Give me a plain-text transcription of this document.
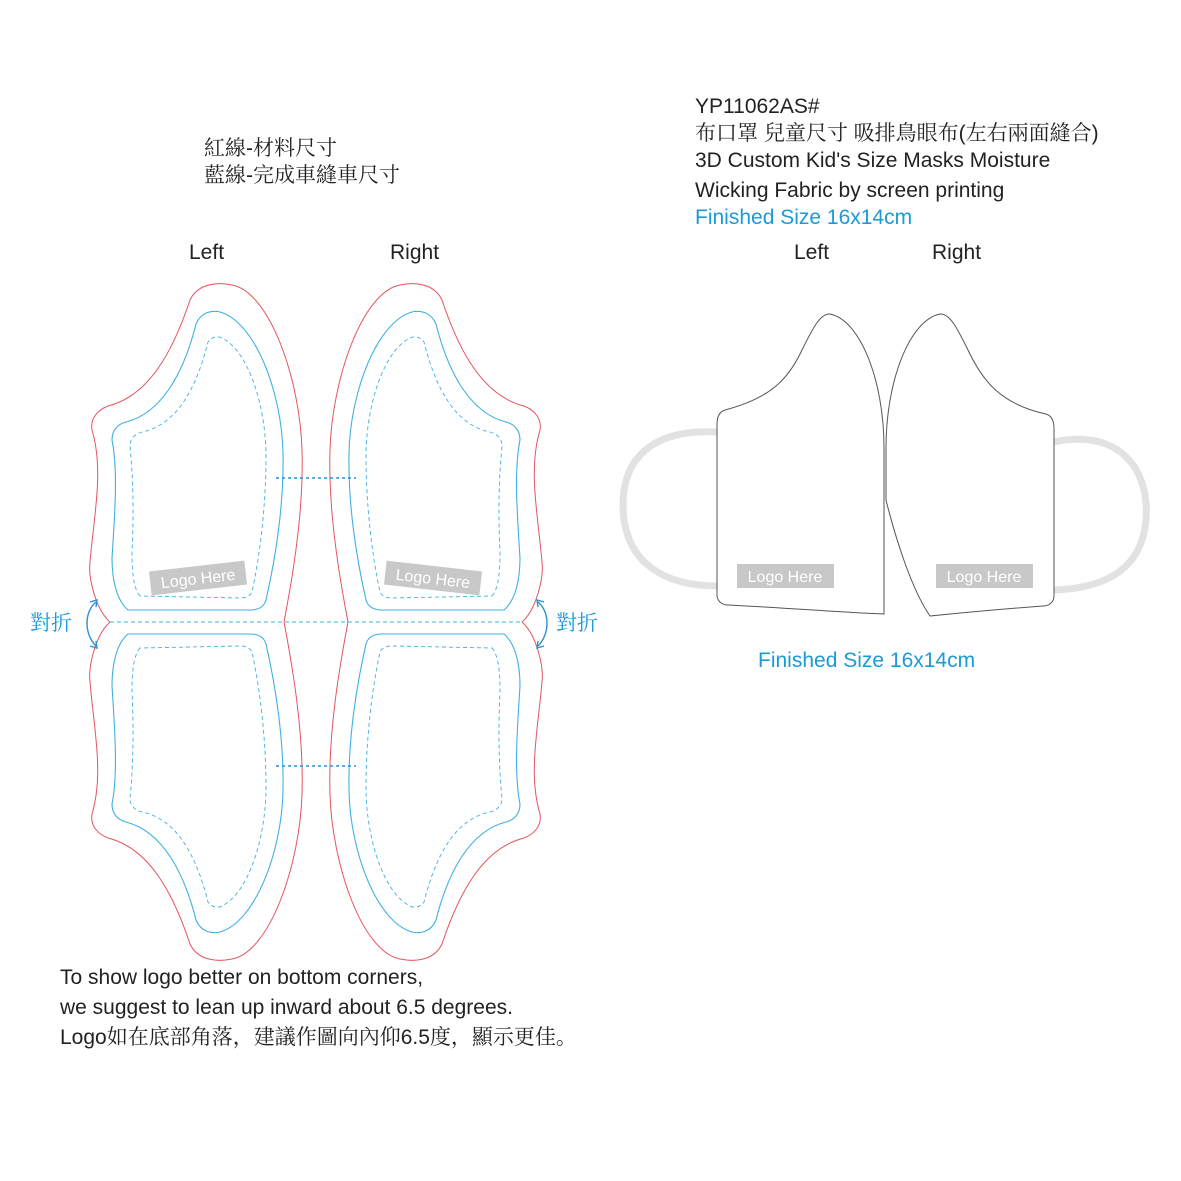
紅線-材料尺寸
藍線-完成車縫車尺寸
YP11062AS#
布口罩 兒童尺寸 吸排鳥眼布(左右兩面縫合)
3D Custom Kid's Size Masks Moisture
Wicking Fabric by screen printing
Finished Size 16x14cm
Left	Right	Left	Right
對折	對折
Logo Here	Logo Here	Logo Here	Logo Here
Finished Size 16x14cm
To show logo better on bottom corners,
we suggest to lean up inward about 6.5 degrees.
Logo如在底部角落，建議作圖向內仰6.5度，顯示更佳。
